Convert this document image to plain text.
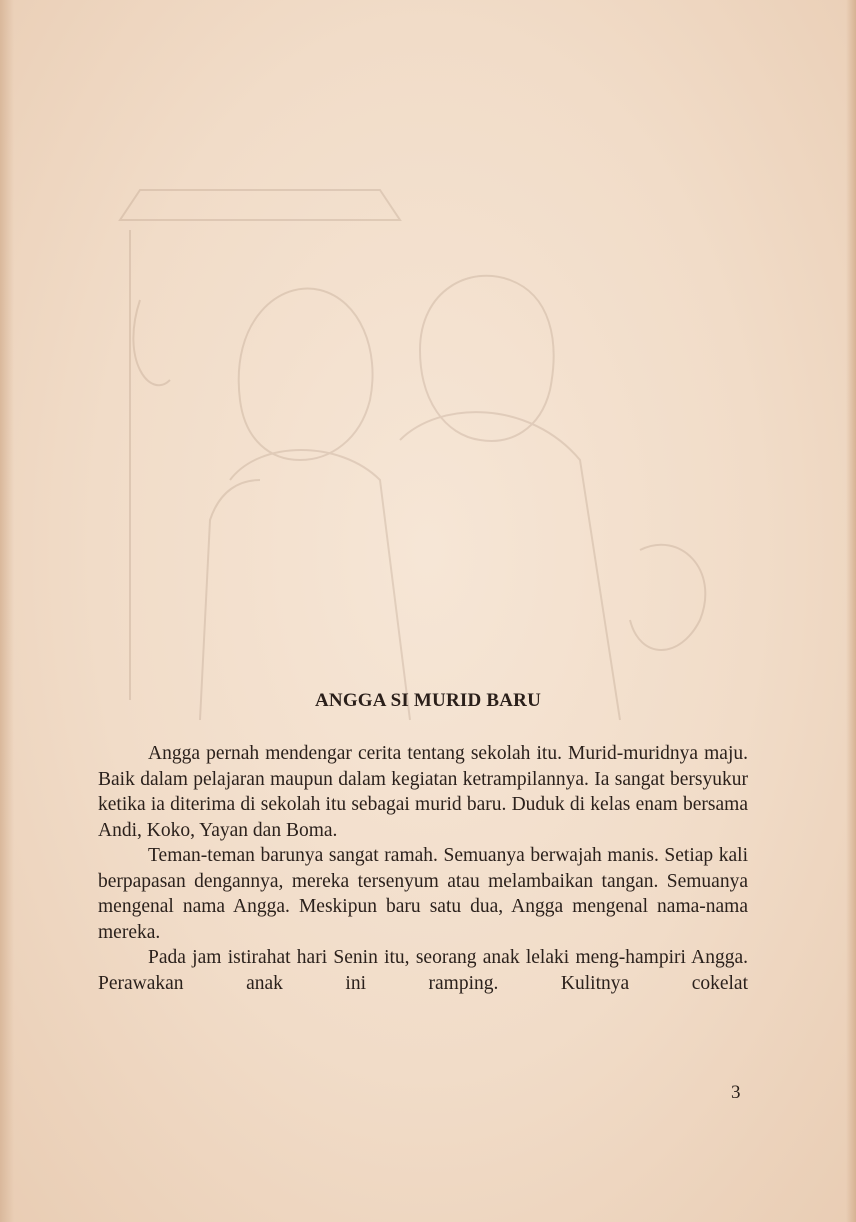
ANGGA SI MURID BARU

Angga pernah mendengar cerita tentang sekolah itu. Murid-muridnya maju. Baik dalam pelajaran maupun dalam kegiatan ketrampilannya. Ia sangat bersyukur ketika ia diterima di sekolah itu sebagai murid baru. Duduk di kelas enam bersama Andi, Koko, Yayan dan Boma.

Teman-teman barunya sangat ramah. Semuanya berwajah manis. Setiap kali berpapasan dengannya, mereka tersenyum atau melambaikan tangan. Semuanya mengenal nama Angga. Meskipun baru satu dua, Angga mengenal nama-nama mereka.

Pada jam istirahat hari Senin itu, seorang anak lelaki meng-hampiri Angga. Perawakan anak ini ramping. Kulitnya cokelat

3
